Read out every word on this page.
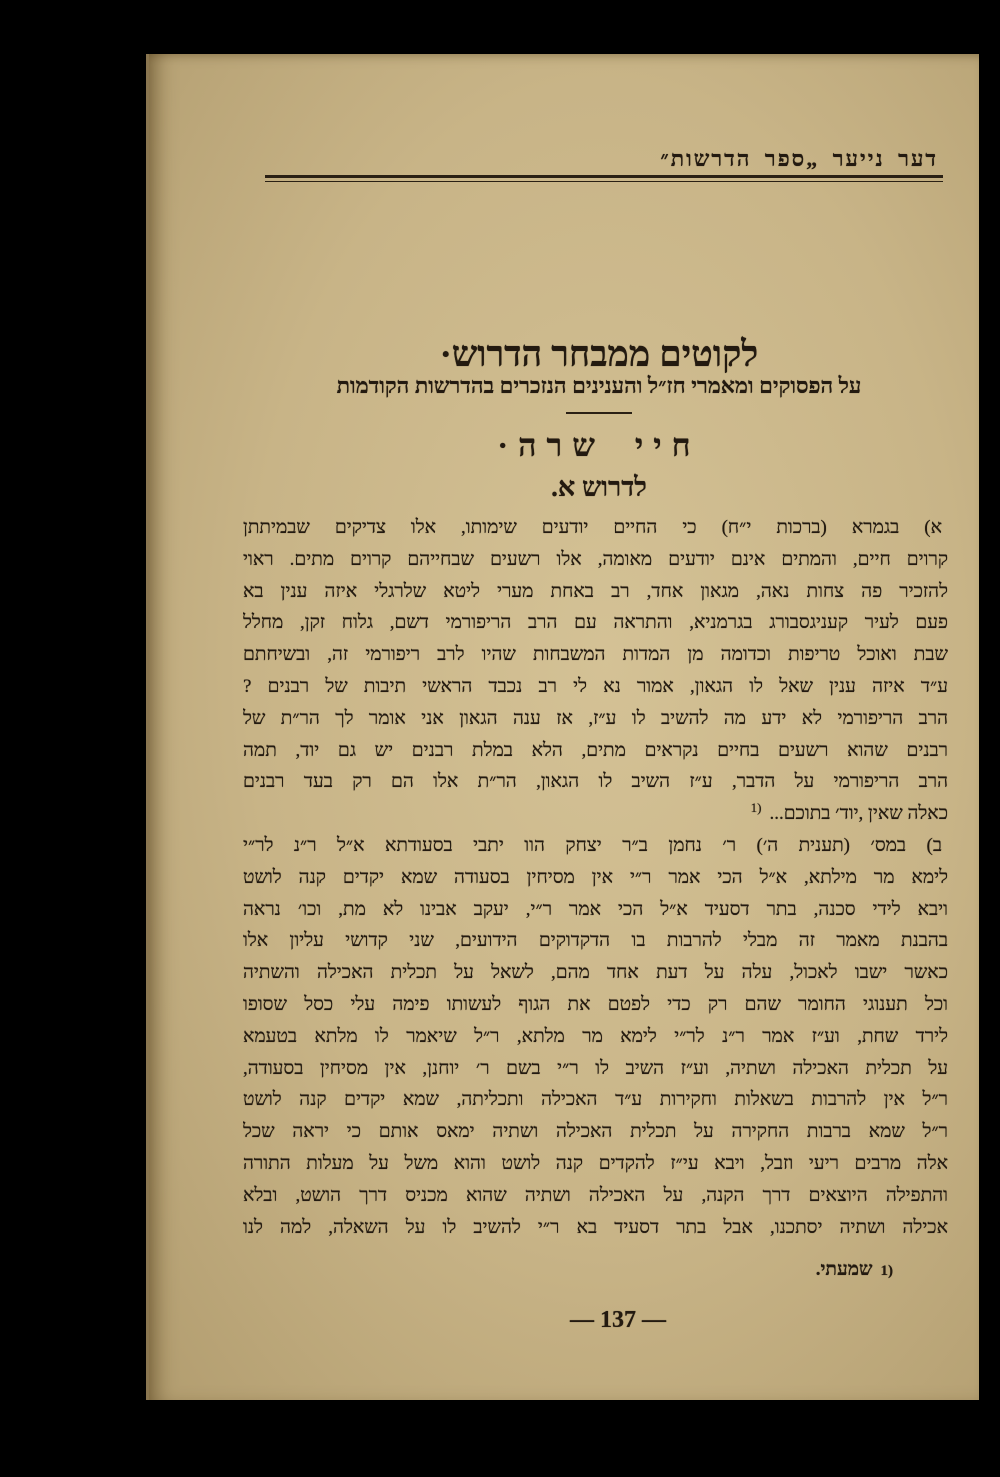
דער נייער „ספר הדרשות״
לקוטים ממבחר הדרוש·
על הפסוקים ומאמרי חז״ל והענינים הנזכרים בהדרשות הקודמות
חיי שרה·
לדרוש א.
א) בגמרא (ברכות י״ח) כי החיים יודעים שימותו, אלו צדיקים שבמיתתן
קרוים חיים, והמתים אינם יודעים מאומה, אלו רשעים שבחייהם קרוים מתים. ראוי
להזכיר פה צחות נאה, מגאון אחד, רב באחת מערי ליטא שלרגלי איזה ענין בא
פעם לעיר קעניגסבורג בגרמניא, והתראה עם הרב הריפורמי דשם, גלוח זקן, מחלל
שבת ואוכל טריפות וכדומה מן המדות המשבחות שהיו לרב ריפורמי זה, ובשיחתם
ע״ד איזה ענין שאל לו הגאון, אמור נא לי רב נכבד הראשי תיבות של רבנים ?
הרב הריפורמי לא ידע מה להשיב לו ע״ז, אז ענה הגאון אני אומר לך הר״ת של
רבנים שהוא רשעים בחיים נקראים מתים, הלא במלת רבנים יש גם יוד, תמה
הרב הריפורמי על הדבר, ע״ז השיב לו הגאון, הר״ת אלו הם רק בעד רבנים
כאלה שאין ,יוד׳ בתוכם...$^{1)}$
ב) במס׳ (תענית ה׳) ר׳ נחמן ב״ר יצחק הוו יתבי בסעודתא א״ל ר״נ לר״י
לימא מר מילתא, א״ל הכי אמר ר״י אין מסיחין בסעודה שמא יקדים קנה לושט
ויבא לידי סכנה, בתר דסעיד א״ל הכי אמר ר״י, יעקב אבינו לא מת, וכו׳ נראה
בהבנת מאמר זה מבלי להרבות בו הדקדוקים הידועים, שני קדושי עליון אלו
כאשר ישבו לאכול, עלה על דעת אחד מהם, לשאל על תכלית האכילה והשתיה
וכל תענוגי החומר שהם רק כדי לפטם את הגוף לעשותו פימה עלי כסל שסופו
לירד שחת, וע״ז אמר ר״נ לר״י לימא מר מלתא, ר״ל שיאמר לו מלתא בטעמא
על תכלית האכילה ושתיה, וע״ז השיב לו ר״י בשם ר׳ יוחנן, אין מסיחין בסעודה,
ר״ל אין להרבות בשאלות וחקירות ע״ד האכילה ותכליתה, שמא יקדים קנה לושט
ר״ל שמא ברבות החקירה על תכלית האכילה ושתיה ימאס אותם כי יראה שכל
אלה מרבים ריעי וזבל, ויבא עי״ז להקדים קנה לושט והוא משל על מעלות התורה
והתפילה היוצאים דרך הקנה, על האכילה ושתיה שהוא מכניס דרך הושט, ובלא
אכילה ושתיה יסתכנו, אבל בתר דסעיד בא ר״י להשיב לו על השאלה, למה לנו
1)שמעתי.
— 137 —
